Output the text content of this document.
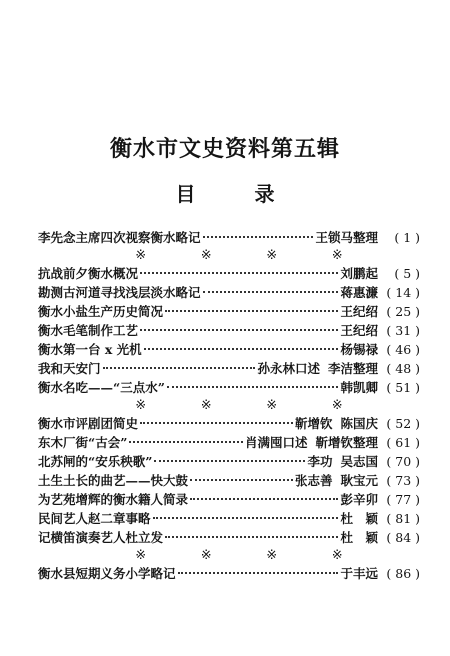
衡水市文史资料第五辑
目 录
李先念主席四次视察衡水略记	王锁马整理	( 1 )
※	※	※	※
抗战前夕衡水概况	刘鹏起	( 5 )
勘测古河道寻找浅层淡水略记	蒋惠濂 ( 14 )
衡水小盐生产历史简况	王纪绍 ( 25 )
衡水毛笔制作工艺	王纪绍 ( 31 )
衡水第一台 x 光机	杨锡禄 ( 46 )
我和天安门	孙永林口述 李洁整理 ( 48 )
衡水名吃——“三点水”	韩凯卿 ( 51 )
※	※	※	※
衡水市评剧团简史	靳增钦 陈国庆 ( 52 )
东木厂街“古会”	肖满囤口述 靳增钦整理 ( 61 )
北苏闸的“安乐秧歌”	李功 吴志国 ( 70 )
土生土长的曲艺——快大鼓	张志善 耿宝元 ( 73 )
为艺苑增辉的衡水籍人简录	彭辛卯 ( 77 )
民间艺人赵二章事略	杜　颖 ( 81 )
记横笛演奏艺人杜立发	杜　颖 ( 84 )
※	※	※	※
衡水县短期义务小学略记	于丰远 ( 86 )
